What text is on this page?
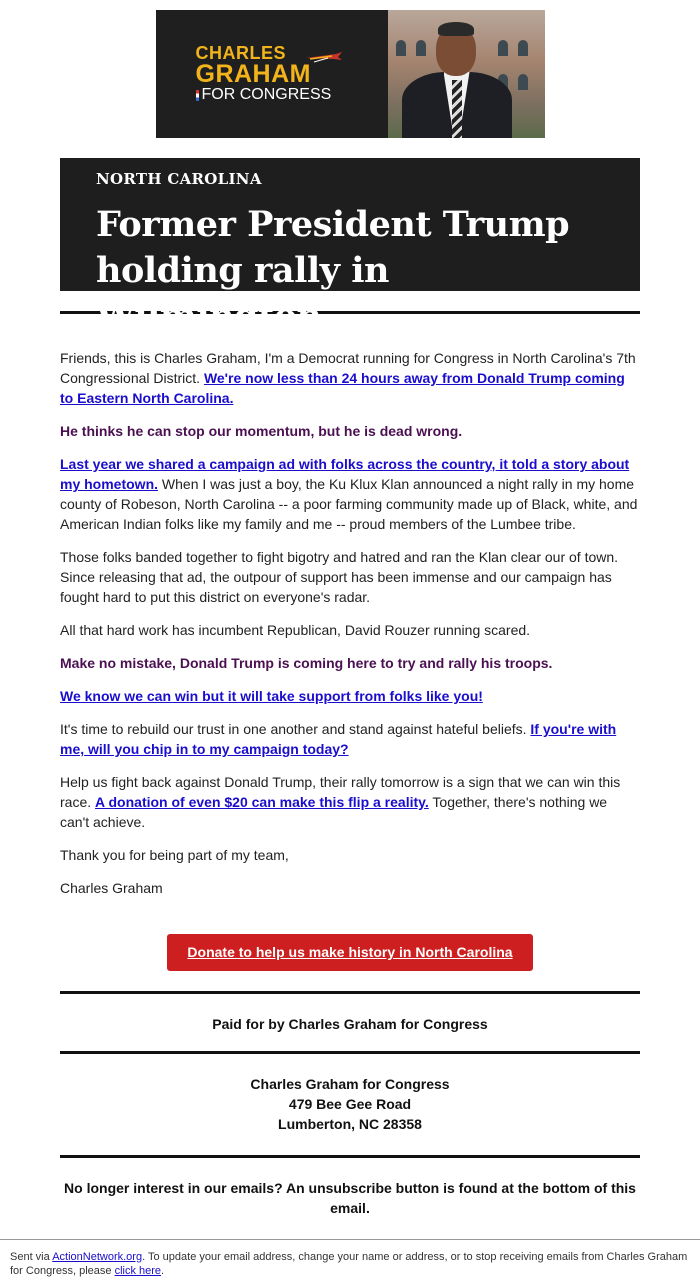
CHARLES
GRAHAM
FOR CONGRESS
NORTH CAROLINA
Former President Trump holding rally in Wilmington

Friends, this is Charles Graham, I'm a Democrat running for Congress in North Carolina's 7th Congressional District. We're now less than 24 hours away from Donald Trump coming to Eastern North Carolina.

He thinks he can stop our momentum, but he is dead wrong.

Last year we shared a campaign ad with folks across the country, it told a story about my hometown. When I was just a boy, the Ku Klux Klan announced a night rally in my home county of Robeson, North Carolina -- a poor farming community made up of Black, white, and American Indian folks like my family and me -- proud members of the Lumbee tribe.

Those folks banded together to fight bigotry and hatred and ran the Klan clear our of town. Since releasing that ad, the outpour of support has been immense and our campaign has fought hard to put this district on everyone's radar.

All that hard work has incumbent Republican, David Rouzer running scared.

Make no mistake, Donald Trump is coming here to try and rally his troops.

We know we can win but it will take support from folks like you!

It's time to rebuild our trust in one another and stand against hateful beliefs. If you're with me, will you chip in to my campaign today?

Help us fight back against Donald Trump, their rally tomorrow is a sign that we can win this race. A donation of even $20 can make this flip a reality. Together, there's nothing we can't achieve.

Thank you for being part of my team,

Charles Graham

Donate to help us make history in North Carolina
Paid for by Charles Graham for Congress
Charles Graham for Congress
479 Bee Gee Road
Lumberton, NC 28358
No longer interest in our emails? An unsubscribe button is found at the bottom of this email.
Sent via ActionNetwork.org. To update your email address, change your name or address, or to stop receiving emails from Charles Graham for Congress, please click here.
